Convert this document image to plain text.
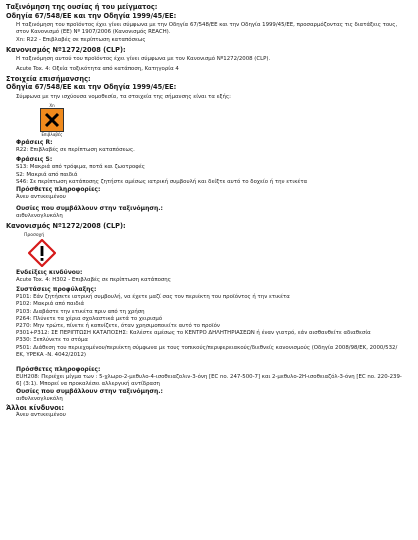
Ταξινόμηση της ουσίας ή του μείγματος:

Οδηγία 67/548/ΕΕ και την Οδηγία 1999/45/ΕΕ:

Η ταξινόμηση του προϊόντος έχει γίνει σύμφωνα με την Οδηγία 67/548/ΕΕ και την Οδηγία 1999/45/ΕΕ, προσαρμόζοντας τις διατάξεις τους, στον Κανονισμό (ΕΕ) Νº 1907/2006 (Κανονισμός REACH).

Xn: R22 - Επιβλαβές σε περίπτωση καταπόσεως

Κανονισμός Νº1272/2008 (CLP):

Η ταξινόμηση αυτού του προϊόντος έχει γίνει σύμφωνα με τον Κανονισμό Νº1272/2008 (CLP).

Acute Tox. 4: Οξεία τοξικότητα από κατάποση, Κατηγορία 4

Στοιχεία επισήμανσης:

Οδηγία 67/548/ΕΕ και την Οδηγία 1999/45/ΕΕ:

Σύμφωνα με την ισχύουσα νομοθεσία, τα στοιχεία της σήμανσης είναι τα εξής:

Xn
Επιβλαβές

Φράσεις R:

R22: Επιβλαβές σε περίπτωση καταπόσεως.

Φράσεις S:

S13: Μακριά από τρόφιμα, ποτά και ζωοτροφές

S2: Μακριά από παιδιά

S46: Σε περίπτωση κατάποσης ζητήστε αμέσως ιατρική συμβουλή και δείξτε αυτό το δοχείο ή την ετικέτα

Πρόσθετες πληροφορίες:

Άνευ αντικειμένου

Ουσίες που συμβάλλουν στην ταξινόμηση.:

αιθυλενογλυκόλη

Κανονισμός Νº1272/2008 (CLP):

Προσοχή

Ενδείξεις κινδύνου:

Acute Tox. 4: H302 - Επιβλαβές σε περίπτωση κατάποσης

Συστάσεις προφύλαξης:

P101: Εάν ζητήσετε ιατρική συμβουλή, να έχετε μαζί σας τον περιέκτη του προϊόντος ή την ετικέτα

P102: Μακριά από παιδιά

P103: Διαβάστε την ετικέτα πριν από τη χρήση

P264: Πλύνετε τα χέρια σχολαστικά μετά το χειρισμό

P270: Μην τρώτε, πίνετε ή καπνίζετε, όταν χρησιμοποιείτε αυτό το προϊόν

P301+P312: ΣΕ ΠΕΡΙΠΤΩΣΗ ΚΑΤΑΠΟΣΗΣ: Καλέστε αμέσως το ΚΕΝΤΡΟ ΔΗΛΗΤΗΡΙΑΣΕΩΝ ή έναν γιατρό, εάν αισθανθείτε αδιαθεσία

P330: Ξεπλύνετε το στόμα

P501: Διάθεση του περιεχομένου/περιέκτη σύμφωνα με τους τοπικούς/περιφερειακούς/διεθνείς κανονισμούς (Οδηγία 2008/98/ΕΚ, 2000/532/ΕΚ, ΥΡΕΚΑ -Ν. 4042/2012)

Πρόσθετες πληροφορίες:

EUH208: Περιέχει μίγμα των : 5-χλωρο-2-μεθυλο-4-ισοθειαζολιν-3-όνη [EC no. 247-500-7] και 2-μεθυλο-2Η-ισοθειαζόλ-3-όνη [EC no. 220-239-6] (3:1). Μπορεί να προκαλέσει αλλεργική αντίδραση

Ουσίες που συμβάλλουν στην ταξινόμηση.:

αιθυλενογλυκόλη

Άλλοι κίνδυνοι:

Άνευ αντικειμένου
